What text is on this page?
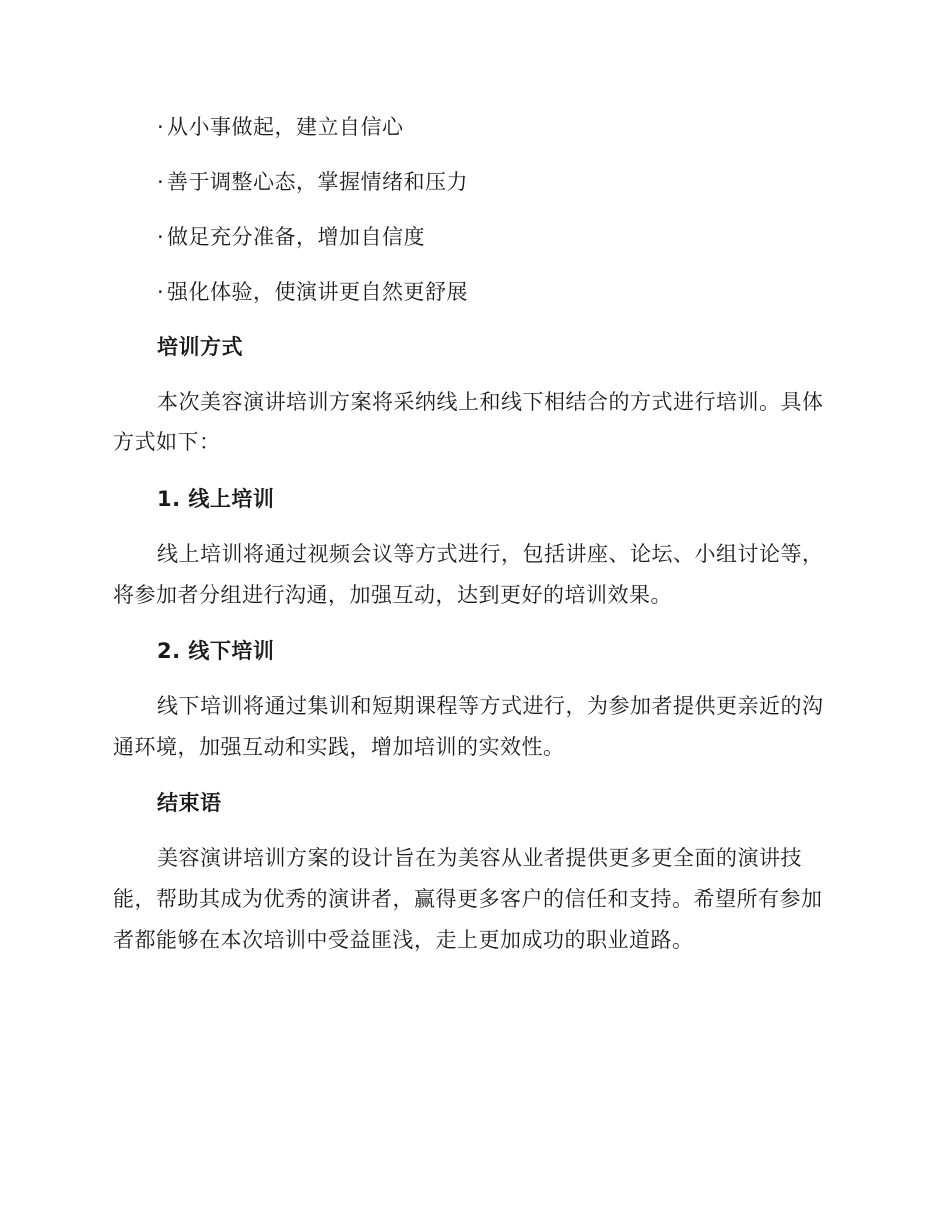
· 从小事做起，建立自信心
· 善于调整心态，掌握情绪和压力
· 做足充分准备，增加自信度
· 强化体验，使演讲更自然更舒展
培训方式
本次美容演讲培训方案将采纳线上和线下相结合的方式进行培训。具体
方式如下：
1. 线上培训
线上培训将通过视频会议等方式进行，包括讲座、论坛、小组讨论等，
将参加者分组进行沟通，加强互动，达到更好的培训效果。
2. 线下培训
线下培训将通过集训和短期课程等方式进行，为参加者提供更亲近的沟
通环境，加强互动和实践，增加培训的实效性。
结束语
美容演讲培训方案的设计旨在为美容从业者提供更多更全面的演讲技
能，帮助其成为优秀的演讲者，赢得更多客户的信任和支持。希望所有参加
者都能够在本次培训中受益匪浅，走上更加成功的职业道路。
